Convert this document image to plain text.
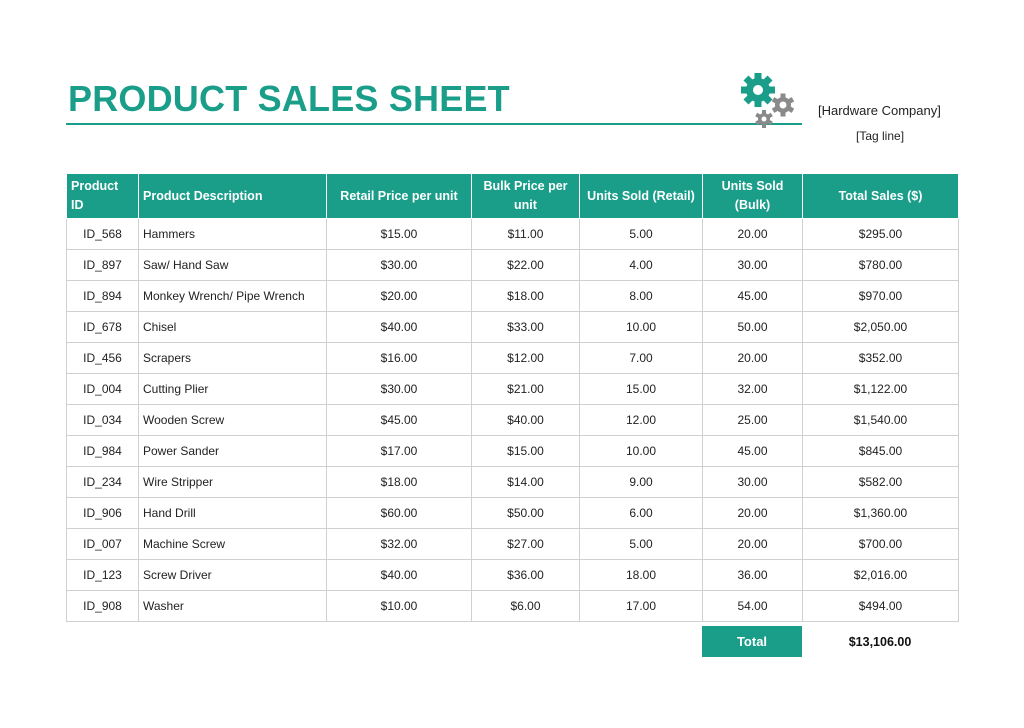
PRODUCT SALES SHEET	[Hardware Company]
[Tag line]
Product ID	Product Description	Retail Price per unit	Bulk Price per unit	Units Sold (Retail)	Units Sold (Bulk)	Total Sales ($)
ID_568	Hammers	$15.00	$11.00	5.00	20.00	$295.00
ID_897	Saw/ Hand Saw	$30.00	$22.00	4.00	30.00	$780.00
ID_894	Monkey Wrench/ Pipe Wrench	$20.00	$18.00	8.00	45.00	$970.00
ID_678	Chisel	$40.00	$33.00	10.00	50.00	$2,050.00
ID_456	Scrapers	$16.00	$12.00	7.00	20.00	$352.00
ID_004	Cutting Plier	$30.00	$21.00	15.00	32.00	$1,122.00
ID_034	Wooden Screw	$45.00	$40.00	12.00	25.00	$1,540.00
ID_984	Power Sander	$17.00	$15.00	10.00	45.00	$845.00
ID_234	Wire Stripper	$18.00	$14.00	9.00	30.00	$582.00
ID_906	Hand Drill	$60.00	$50.00	6.00	20.00	$1,360.00
ID_007	Machine Screw	$32.00	$27.00	5.00	20.00	$700.00
ID_123	Screw Driver	$40.00	$36.00	18.00	36.00	$2,016.00
ID_908	Washer	$10.00	$6.00	17.00	54.00	$494.00
Total	$13,106.00
